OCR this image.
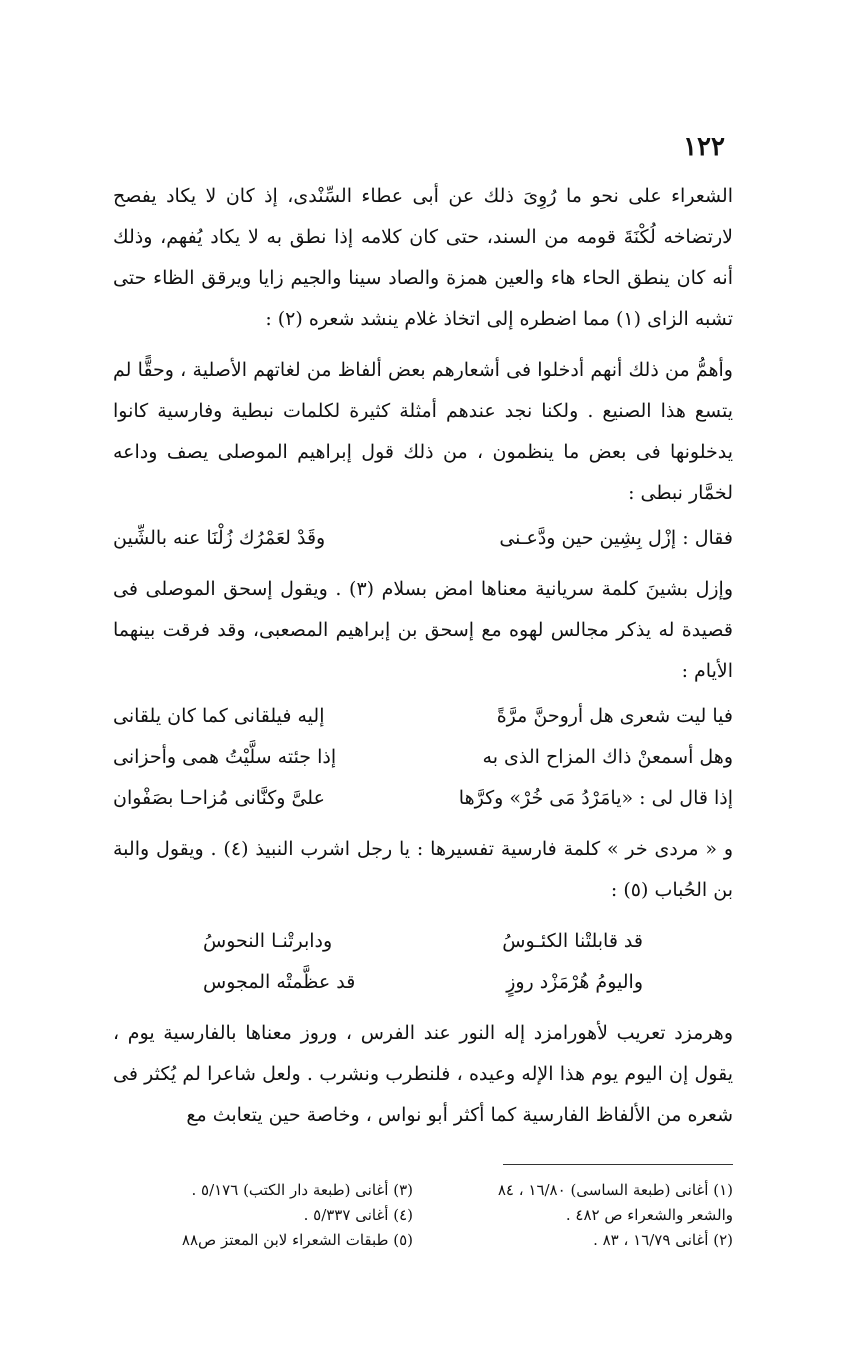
١٢٢

الشعراء على نحو ما رُوِىَ ذلك عن أبى عطاء السِّنْدى، إذ كان لا يكاد يفصح لارتضاخه لُكْنَةَ قومه من السند، حتى كان كلامه إذا نطق به لا يكاد يُفهم، وذلك أنه كان ينطق الحاء هاء والعين همزة والصاد سينا والجيم زايا ويرقق الظاء حتى تشبه الزاى (١) مما اضطره إلى اتخاذ غلام ينشد شعره (٢) :

وأهمُّ من ذلك أنهم أدخلوا فى أشعارهم بعض ألفاظ من لغاتهم الأصلية ، وحقًّا لم يتسع هذا الصنيع . ولكنا نجد عندهم أمثلة كثيرة لكلمات نبطية وفارسية كانوا يدخلونها فى بعض ما ينظمون ، من ذلك قول إبراهيم الموصلى يصف وداعه لخمَّار نبطى :

فقال : إزْل بِشِين حين ودَّعـنى
وقَدْ لعَمْرُك زُلْنَا عنه بالشِّين

وإزل بشينَ كلمة سريانية معناها امض بسلام (٣) . ويقول إسحق الموصلى فى قصيدة له يذكر مجالس لهوه مع إسحق بن إبراهيم المصعبى، وقد فرقت بينهما الأيام :

فيا ليت شعرى هل أروحنَّ مرَّةً
إليه فيلقانى كما كان يلقانى
وهل أسمعنْ ذاك المزاح الذى به
إذا جئته سلَّيْتُ همى وأحزانى
إذا قال لى : «يامَرْدُ مَى خُرْ» وكرَّها
علىَّ وكنَّانى مُزاحـا بصَفْوان

و « مردى خر » كلمة فارسية تفسيرها : يا رجل اشرب النبيذ (٤) . ويقول والبة بن الحُباب (٥) :

قد قابلتْنا الكئـوسُ
ودابرتْنـا النحوسُ
واليومُ هُرْمَزْد روزٍ
قد عظَّمتْه المجوس

وهرمزد تعريب لأهورامزد إله النور عند الفرس ، وروز معناها بالفارسية يوم ، يقول إن اليوم يوم هذا الإله وعيده ، فلنطرب ونشرب . ولعل شاعرا لم يُكثر فى شعره من الألفاظ الفارسية كما أكثر أبو نواس ، وخاصة حين يتعابث مع

(١) أغانى (طبعة الساسى) ١٦/٨٠ ، ٨٤
والشعر والشعراء ص ٤٨٢ .
(٢) أغانى ١٦/٧٩ ، ٨٣ .
(٣) أغانى (طبعة دار الكتب) ٥/١٧٦ .
(٤) أغانى ٥/٣٣٧ .
(٥) طبقات الشعراء لابن المعتز ص٨٨
